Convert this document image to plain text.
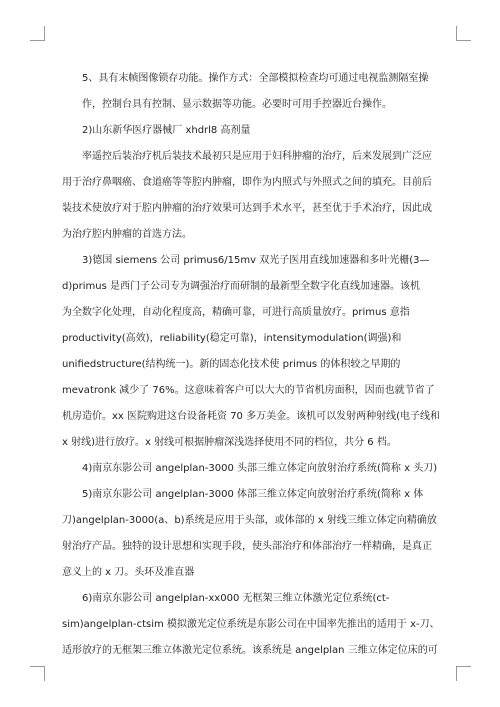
5、具有末帧图像锁存功能。操作方式：全部模拟检查均可通过电视监测隔室操
作，控制台具有控制、显示数据等功能。必要时可用手控器近台操作。

2)山东新华医疗器械厂 xhdrl8 高剂量

率遥控后装治疗机后装技术最初只是应用于妇科肿瘤的治疗，后来发展到广泛应
用于治疗鼻咽癌、食道癌等等腔内肿瘤，即作为内照式与外照式之间的填充。目前后
装技术使放疗对于腔内肿瘤的治疗效果可达到手术水平，甚至优于手术治疗，因此成
为治疗腔内肿瘤的首选方法。

3)德国 siemens 公司 primus6/15mv 双光子医用直线加速器和多叶光栅(3—
d)primus 是西门子公司专为调强治疗而研制的最新型全数字化直线加速器。该机
为全数字化处理，自动化程度高，精确可靠，可进行高质量放疗。primus 意指
productivity(高效)，reliability(稳定可靠)，intensitymodulation(调强)和
unifiedstructure(结构统一)。新的固态化技术使 primus 的体积较之早期的
mevatronk 减少了 76%。这意味着客户可以大大的节省机房面积，因而也就节省了
机房造价。xx 医院购进这台设备耗资 70 多万美金。该机可以发射两种射线(电子线和
x 射线)进行放疗。x 射线可根据肿瘤深浅选择使用不同的档位，共分 6 档。

4)南京东影公司 angelplan-3000 头部三维立体定向放射治疗系统(简称 x 头刀)

5)南京东影公司 angelplan-3000 体部三维立体定向放射治疗系统(简称 x 体
刀)angelplan-3000(a、b)系统是应用于头部，或体部的 x 射线三维立体定向精确放
射治疗产品。独特的设计思想和实现手段，使头部治疗和体部治疗一样精确，是真正
意义上的 x 刀。头环及准直器

6)南京东影公司 angelplan-xx000 无框架三维立体激光定位系统(ct-
sim)angelplan-ctsim 模拟激光定位系统是东影公司在中国率先推出的适用于 x-刀、
适形放疗的无框架三维立体激光定位系统。该系统是 angelplan 三维立体定位床的可
